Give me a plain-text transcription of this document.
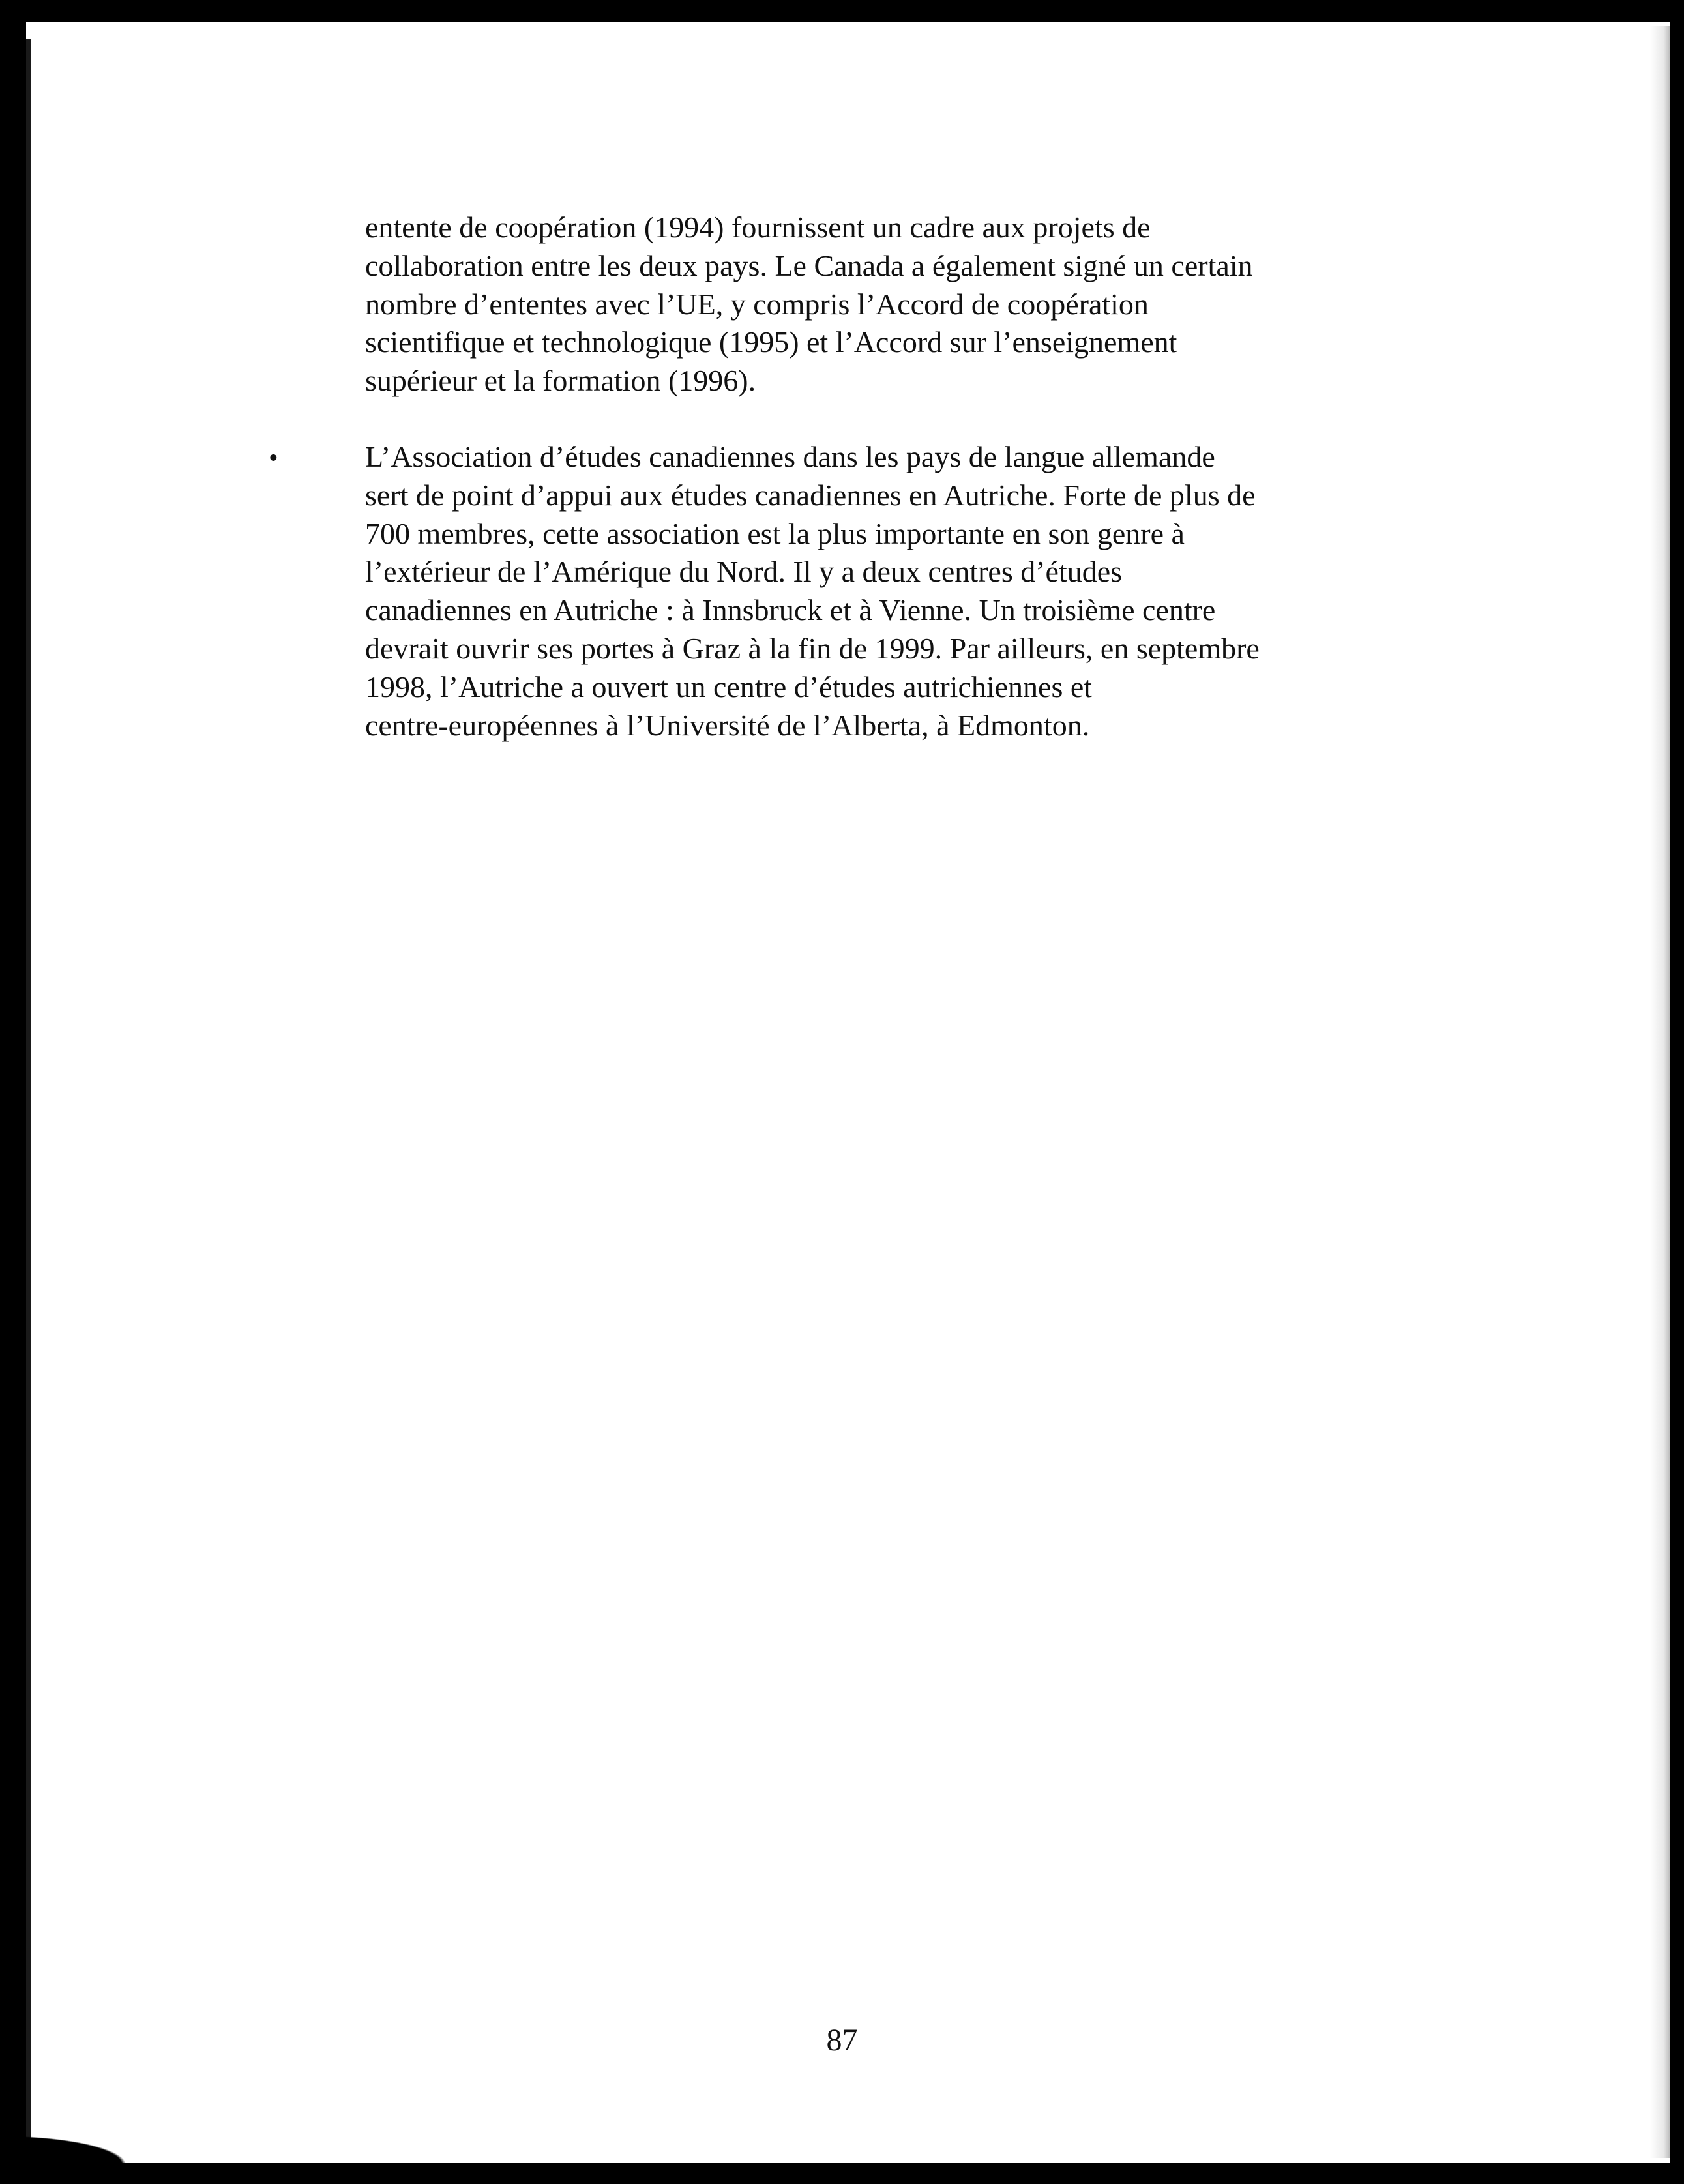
entente de coopération (1994) fournissent un cadre aux projets de
collaboration entre les deux pays. Le Canada a également signé un certain
nombre d’ententes avec l’UE, y compris l’Accord de coopération
scientifique et technologique (1995) et l’Accord sur l’enseignement
supérieur et la formation (1996).

L’Association d’études canadiennes dans les pays de langue allemande
sert de point d’appui aux études canadiennes en Autriche. Forte de plus de
700 membres, cette association est la plus importante en son genre à
l’extérieur de l’Amérique du Nord. Il y a deux centres d’études
canadiennes en Autriche : à Innsbruck et à Vienne. Un troisième centre
devrait ouvrir ses portes à Graz à la fin de 1999. Par ailleurs, en septembre
1998, l’Autriche a ouvert un centre d’études autrichiennes et
centre-européennes à l’Université de l’Alberta, à Edmonton.

•
87
